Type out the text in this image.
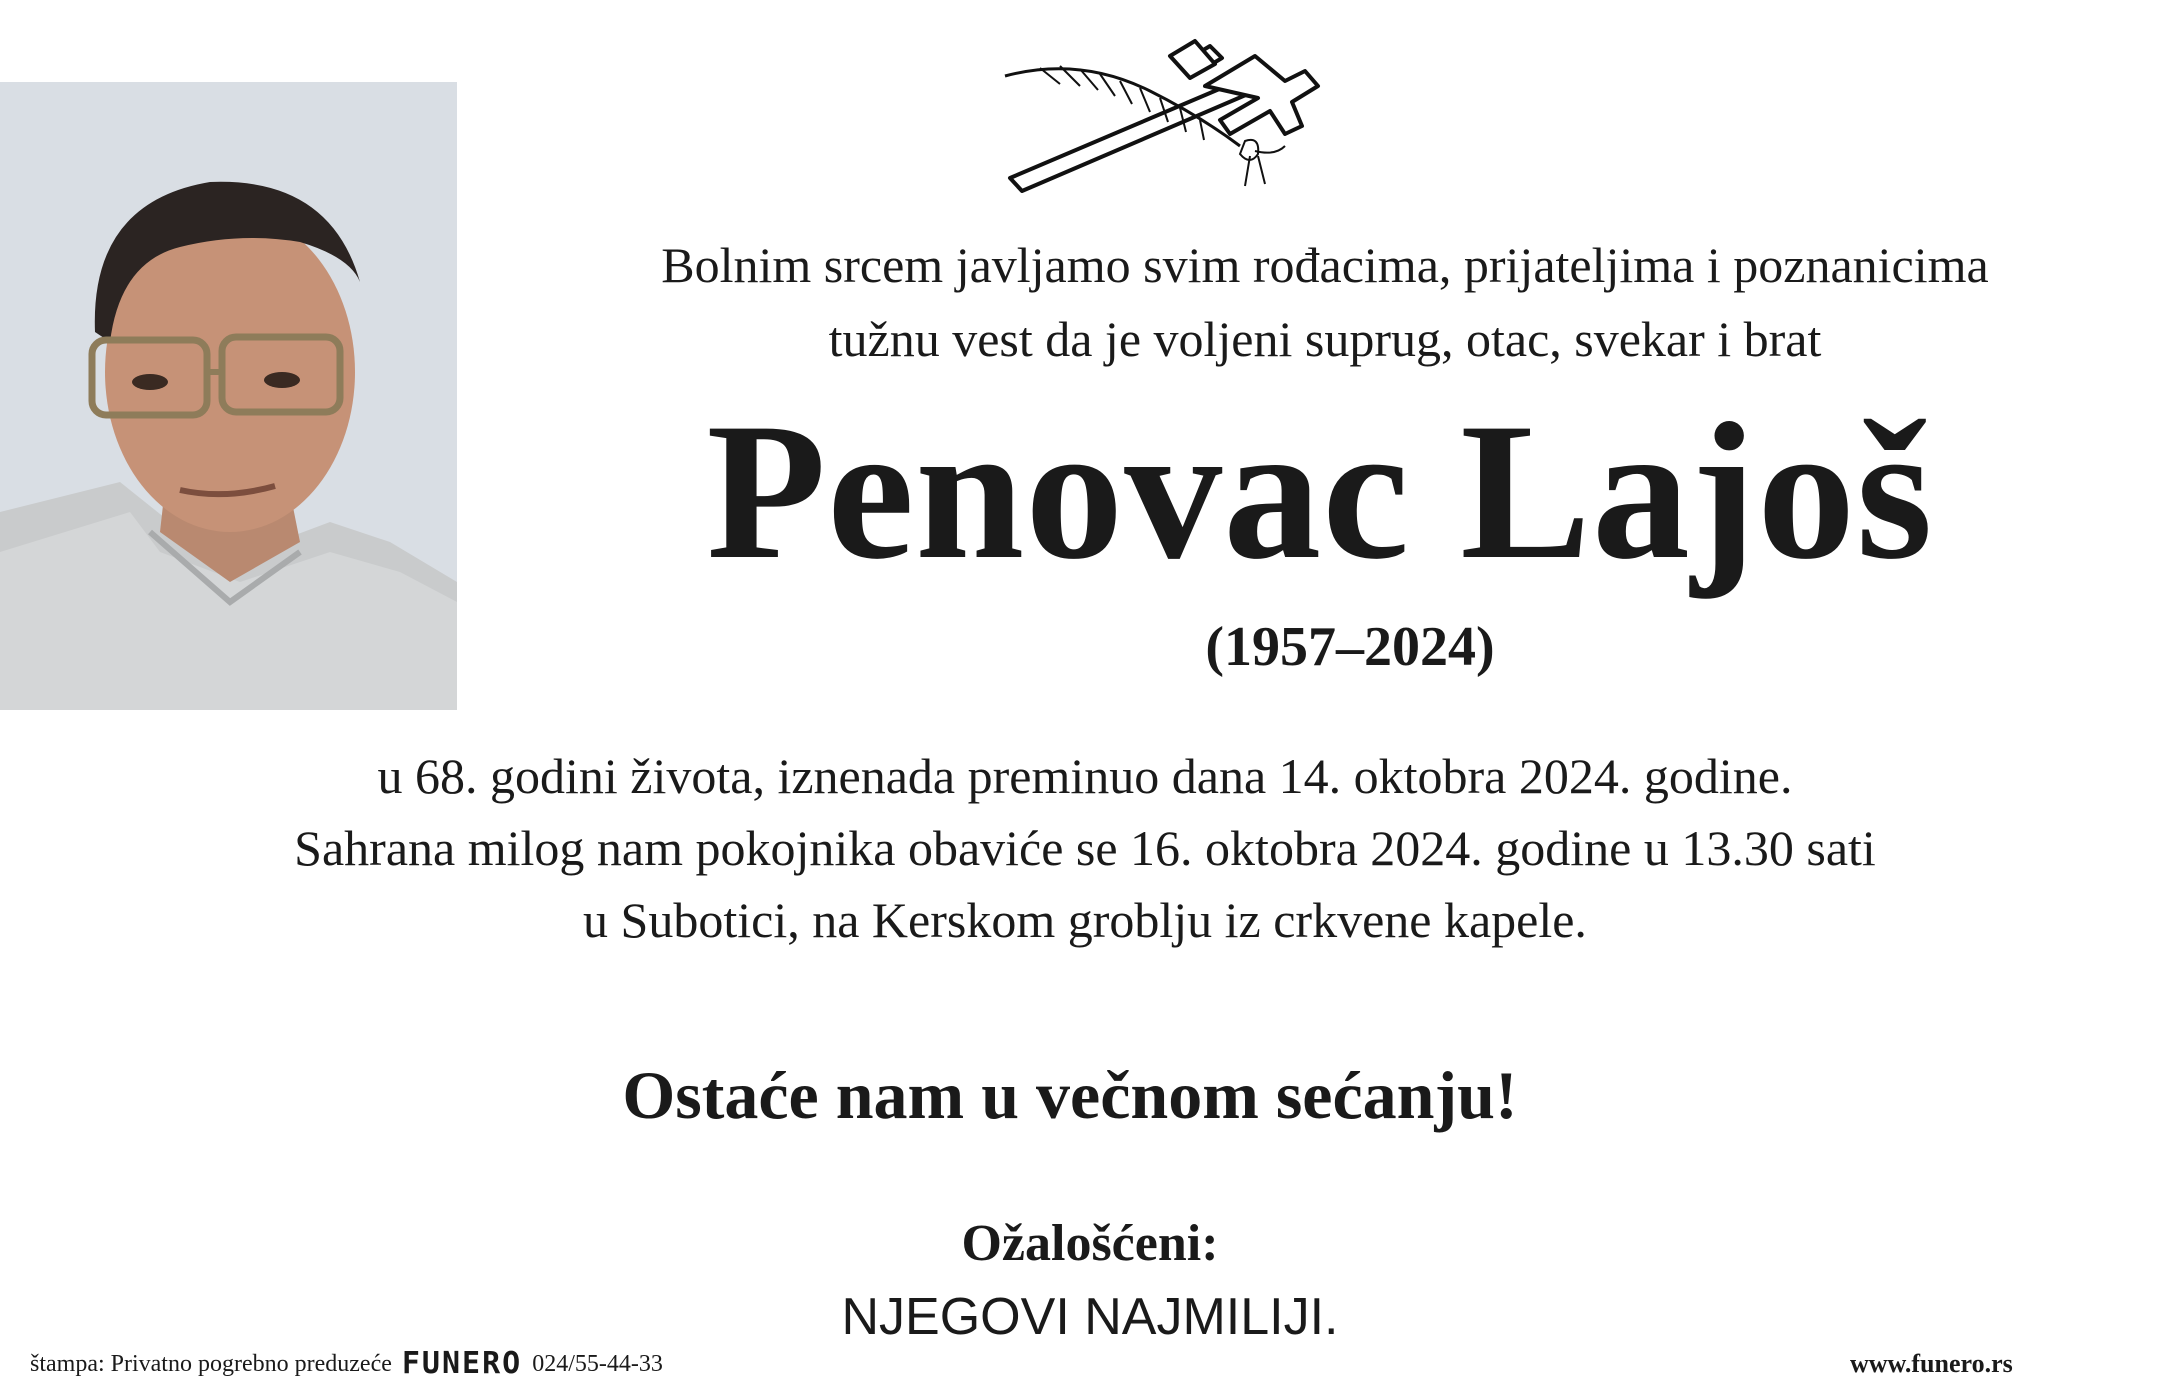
Bolnim srcem javljamo svim rođacima, prijateljima i poznanicima
tužnu vest da je voljeni suprug, otac, svekar i brat
Penovac Lajoš
(1957–2024)
u 68. godini života, iznenada preminuo dana 14. oktobra 2024. godine.
Sahrana milog nam pokojnika obaviće se 16. oktobra 2024. godine u 13.30 sati
u Subotici, na Kerskom groblju iz crkvene kapele.
Ostaće nam u večnom sećanju!
Ožalošćeni:
NJEGOVI NAJMILIJI.
štampa: Privatno pogrebno preduzeće FUNERO 024/55-44-33	www.funero.rs
